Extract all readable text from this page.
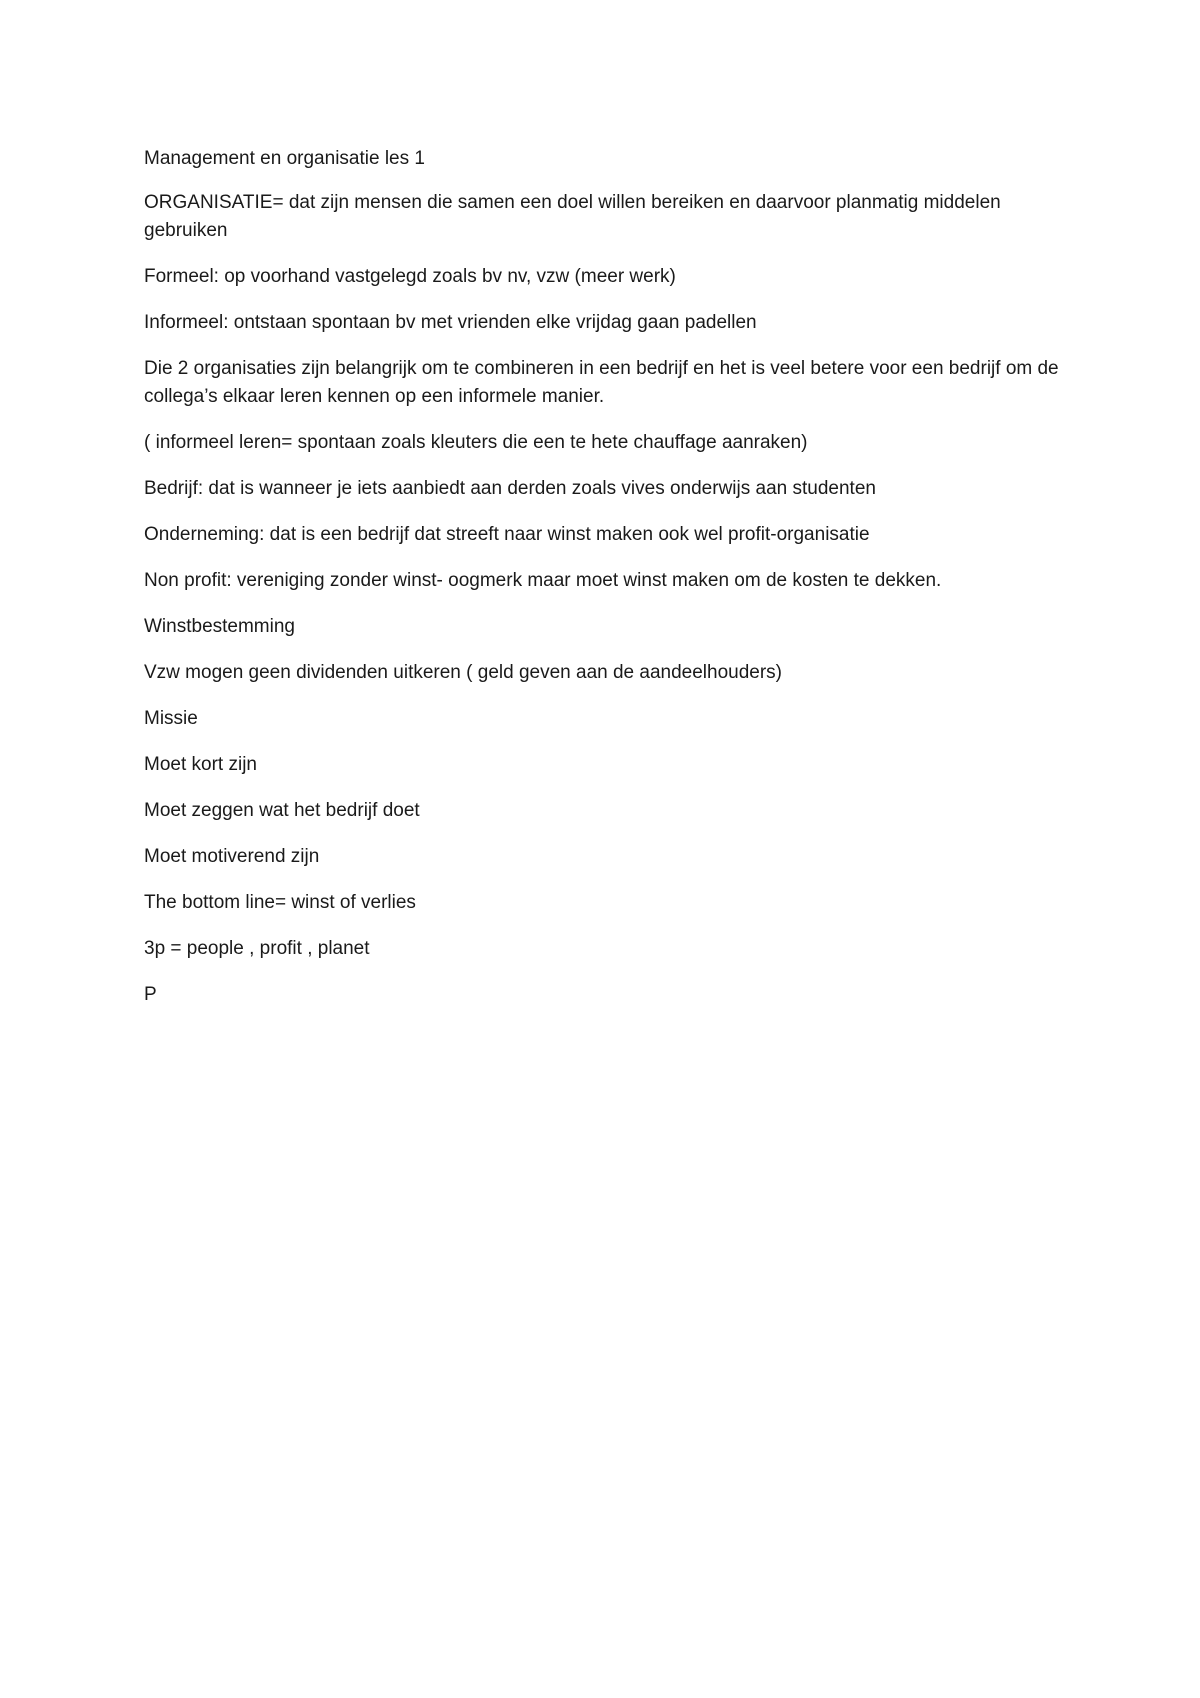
Management en organisatie les 1

ORGANISATIE= dat zijn mensen die samen een doel willen bereiken en daarvoor planmatig middelen gebruiken

Formeel: op voorhand vastgelegd zoals bv nv, vzw (meer werk)

Informeel: ontstaan spontaan bv met vrienden elke vrijdag gaan padellen

Die 2 organisaties zijn belangrijk om te combineren in een bedrijf en het is veel betere voor een bedrijf om de collega’s elkaar leren kennen op een informele manier.

( informeel leren= spontaan zoals kleuters die een te hete chauffage aanraken)

Bedrijf: dat is wanneer je iets aanbiedt aan derden zoals vives onderwijs aan studenten

Onderneming: dat is een bedrijf dat streeft naar winst maken ook wel profit-organisatie

Non profit: vereniging zonder winst- oogmerk maar moet winst maken om de kosten te dekken.

Winstbestemming

Vzw mogen geen dividenden uitkeren ( geld geven aan de aandeelhouders)

Missie

Moet kort zijn

Moet zeggen wat het bedrijf doet

Moet motiverend zijn

The bottom line= winst of verlies

3p = people , profit , planet

P
